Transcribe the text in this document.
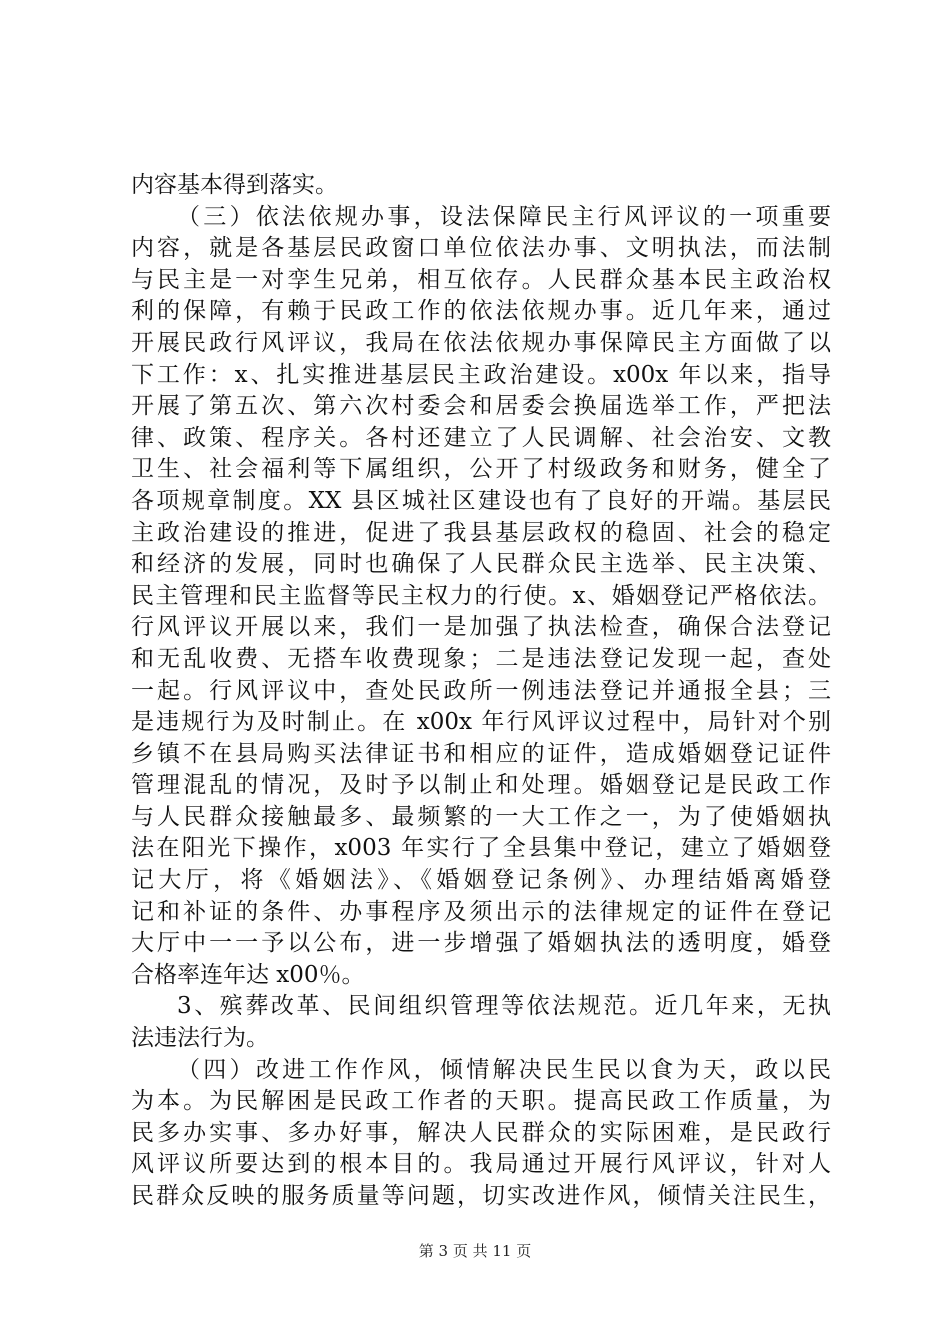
内容基本得到落实。
（三）依法依规办事，设法保障民主行风评议的一项重要
内容，就是各基层民政窗口单位依法办事、文明执法，而法制
与民主是一对孪生兄弟，相互依存。人民群众基本民主政治权
利的保障，有赖于民政工作的依法依规办事。近几年来，通过
开展民政行风评议，我局在依法依规办事保障民主方面做了以
下工作：x、扎实推进基层民主政治建设。x00x 年以来，指导
开展了第五次、第六次村委会和居委会换届选举工作，严把法
律、政策、程序关。各村还建立了人民调解、社会治安、文教
卫生、社会福利等下属组织，公开了村级政务和财务，健全了
各项规章制度。XX 县区城社区建设也有了良好的开端。基层民
主政治建设的推进，促进了我县基层政权的稳固、社会的稳定
和经济的发展，同时也确保了人民群众民主选举、民主决策、
民主管理和民主监督等民主权力的行使。x、婚姻登记严格依法。
行风评议开展以来，我们一是加强了执法检查，确保合法登记
和无乱收费、无搭车收费现象；二是违法登记发现一起，查处
一起。行风评议中，查处民政所一例违法登记并通报全县；三
是违规行为及时制止。在 x00x 年行风评议过程中，局针对个别
乡镇不在县局购买法律证书和相应的证件，造成婚姻登记证件
管理混乱的情况，及时予以制止和处理。婚姻登记是民政工作
与人民群众接触最多、最频繁的一大工作之一，为了使婚姻执
法在阳光下操作，x003 年实行了全县集中登记，建立了婚姻登
记大厅，将《婚姻法》、《婚姻登记条例》、办理结婚离婚登
记和补证的条件、办事程序及须出示的法律规定的证件在登记
大厅中一一予以公布，进一步增强了婚姻执法的透明度，婚登
合格率连年达 x00％。
3、殡葬改革、民间组织管理等依法规范。近几年来，无执
法违法行为。
（四）改进工作作风，倾情解决民生民以食为天，政以民
为本。为民解困是民政工作者的天职。提高民政工作质量，为
民多办实事、多办好事，解决人民群众的实际困难，是民政行
风评议所要达到的根本目的。我局通过开展行风评议，针对人
民群众反映的服务质量等问题，切实改进作风，倾情关注民生，
第 3 页 共 11 页
